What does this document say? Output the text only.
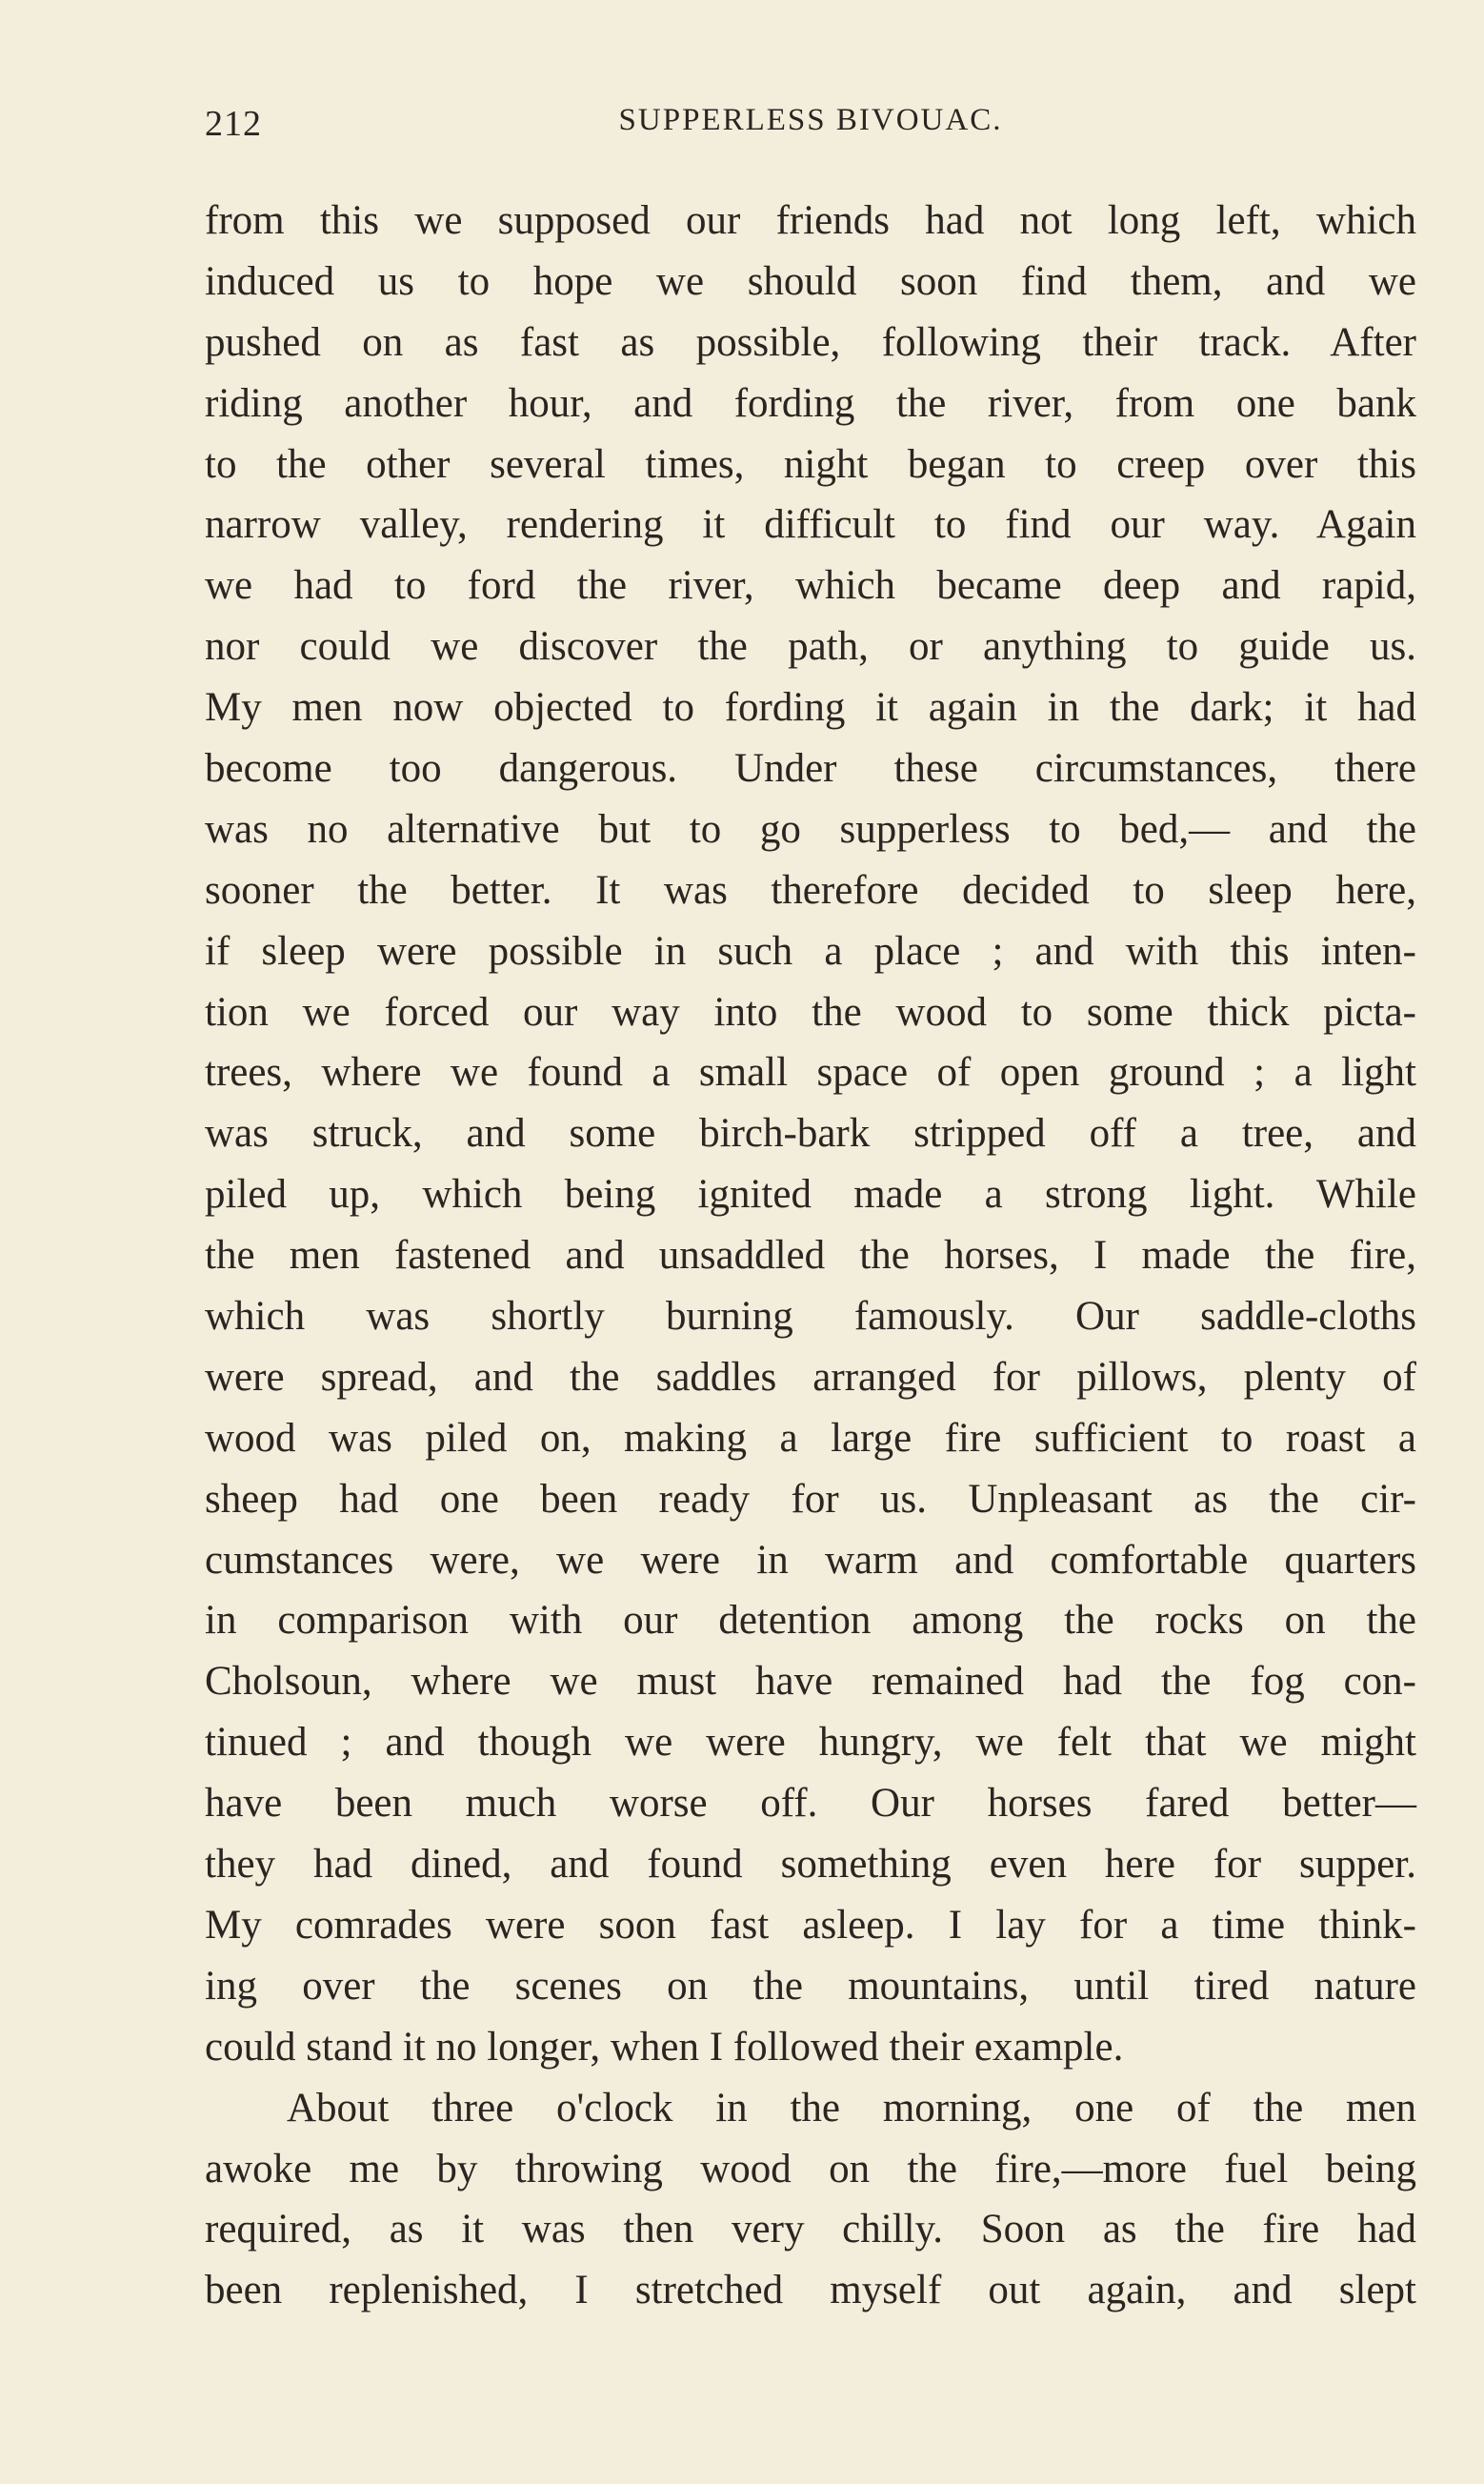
212	SUPPERLESS BIVOUAC.
from this we supposed our friends had not long left, which
induced us to hope we should soon find them, and we
pushed on as fast as possible, following their track. After
riding another hour, and fording the river, from one bank
to the other several times, night began to creep over this
narrow valley, rendering it difficult to find our way. Again
we had to ford the river, which became deep and rapid,
nor could we discover the path, or anything to guide us.
My men now objected to fording it again in the dark; it had
become too dangerous. Under these circumstances, there
was no alternative but to go supperless to bed,— and the
sooner the better. It was therefore decided to sleep here,
if sleep were possible in such a place ; and with this inten-
tion we forced our way into the wood to some thick picta-
trees, where we found a small space of open ground ; a light
was struck, and some birch-bark stripped off a tree, and
piled up, which being ignited made a strong light. While
the men fastened and unsaddled the horses, I made the fire,
which was shortly burning famously. Our saddle-cloths
were spread, and the saddles arranged for pillows, plenty of
wood was piled on, making a large fire sufficient to roast a
sheep had one been ready for us. Unpleasant as the cir-
cumstances were, we were in warm and comfortable quarters
in comparison with our detention among the rocks on the
Cholsoun, where we must have remained had the fog con-
tinued ; and though we were hungry, we felt that we might
have been much worse off. Our horses fared better—
they had dined, and found something even here for supper.
My comrades were soon fast asleep. I lay for a time think-
ing over the scenes on the mountains, until tired nature
could stand it no longer, when I followed their example.
About three o'clock in the morning, one of the men
awoke me by throwing wood on the fire,—more fuel being
required, as it was then very chilly. Soon as the fire had
been replenished, I stretched myself out again, and slept
